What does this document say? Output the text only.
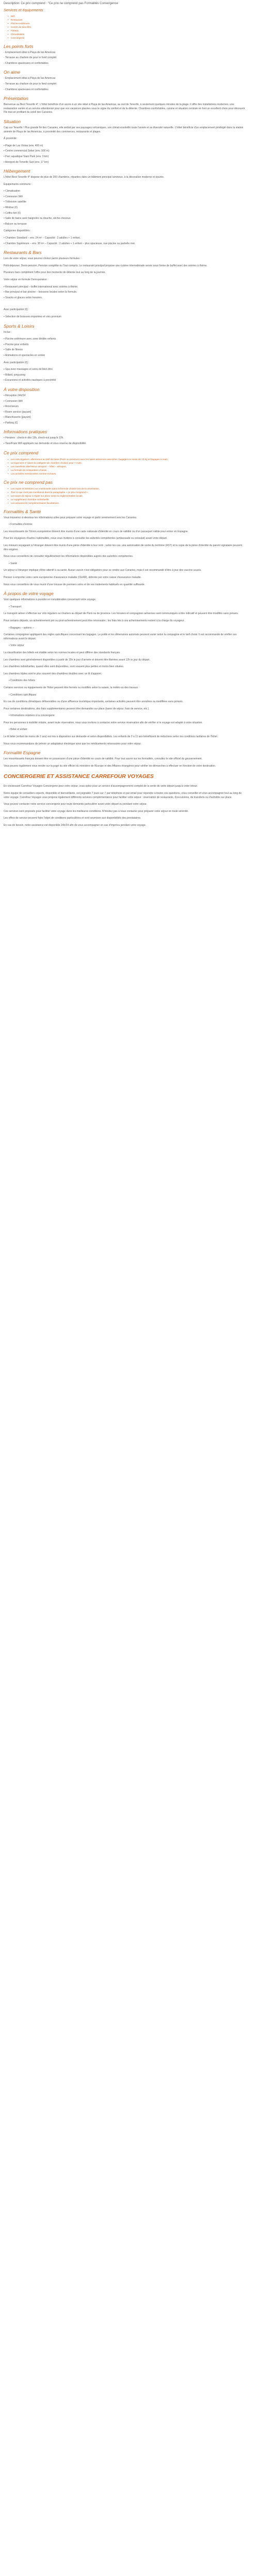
Description: Ce prix comprend : "Ce prix ne comprend pas Formalités Convergence

Services et équipements
• Wifi
• Restaurant
• Piscine extérieure
• Centre de bien-être
• Fitness
• Climatisation
• Conciergerie
Les points forts

- Emplacement idéal à Playa de las Americas

- Terrasse au charbon de pour le fond complet

- Chambres spacieuses et confortables

On aime

- Emplacement idéal à Playa de las Americas

- Terrasse au charbon de pour le fond complet

- Chambres spacieuses et confortables

Présentation

Bienvenue au Best Tenerife 4*. L'hôtel bénéficie d'un accès à un site idéal à Playa de las Americas, au sud de Tenerife, à seulement quelques minutes de la plage. Il offre des installations modernes, une restauration variée et un service attentionné pour que vos vacances placées sous le signe du confort et de la détente. Chambres confortables, cuisine et situation centrale en font un excellent choix pour découvrir l'île tout en profitant du soleil des Canaries.

Situation

Cap sur Tenerife ! Plus grande île des Canaries, elle séduit par ses paysages volcaniques, son climat ensoleillé toute l'année et sa diversité naturelle. L'hôtel bénéficie d'un emplacement privilégié dans la station animée de Playa de las Americas, à proximité des commerces, restaurants et plages.

À proximité :

• Plage de Las Vistas (env. 400 m)

• Centre commercial Safari (env. 500 m)

• Parc aquatique Siam Park (env. 3 km)

• Aéroport de Tenerife Sud (env. 17 km)

Hébergement

L'hôtel Best Tenerife 4* dispose de plus de 200 chambres, réparties dans un bâtiment principal lumineux, à la décoration moderne et épurée.

Équipements communs :

• Climatisation

• Connexion Wifi

• Télévision satellite

• Minibar (€)

• Coffre-fort (€)

• Salle de bains avec baignoire ou douche, sèche-cheveux

• Balcon ou terrasse

Catégories disponibles :

• Chambre Standard – env. 24 m² – Capacité : 2 adultes + 1 enfant.

• Chambre Supérieure – env. 30 m² – Capacité : 2 adultes + 1 enfant – plus spacieuse, vue piscine ou partielle mer.

Restaurants & Bars

Lors de votre séjour, vous pourrez choisir parmi plusieurs formules :

Petit-déjeuner, Demi-pension, Pension complète ou Tout compris. Le restaurant principal propose une cuisine internationale servie sous forme de buffet avec des soirées à thème.

Plusieurs bars complètent l'offre pour des moments de détente tout au long de la journée.

Votre séjour en formule Demi-pension :

• Restaurant principal – buffet international avec soirées à thème.

• Bar principal et bar piscine – boissons locales selon la formule.

• Snacks et glaces selon horaires.

Avec participation (€) :

• Sélection de boissons importées et vins premium

Sports & Loisirs

Inclus :

• Piscine extérieure avec zone dédiée enfants

• Piscine pour enfants

• Salle de fitness

• Animations et spectacles en soirée

Avec participation (€) :

• Spa avec massages et soins de bien-être

• Billard, ping-pong

• Excursions et activités nautiques à proximité

À votre disposition

• Réception 24h/24

• Connexion Wifi

• Ascenseurs

• Room service (payant)

• Blanchisserie (payant)

• Parking (€)

Informations pratiques

• Horaires : check-in dès 15h, check-out jusqu'à 12h.

• Taxe/Frais Wifi appliqués sur demande et sous réserve de disponibilité.

Ce prix comprend
• Les vols réguliers, aller/retour au tarif de base (Paris ou province) avec les taxes aériennes associées, bagages en soute de 23 kg et bagages à main,
• Le logement 4* (dans la catégorie de chambre choisie) pour 7 nuits,
• Les transferts aller/retour aéroport – hôtel – aéroport,
• La formule de restauration choisie,
• Les activités mentionnées comme incluses.
Ce prix ne comprend pas
• Les repas et boissons non mentionnés dans la formule choisie lors de la réservation,
• Tout ce qui n'est pas mentionné dans le paragraphe « ce prix comprend »,
• Les taxes de séjour à régler sur place selon la réglementation locale,
• Le supplément chambre individuelle,
• Les assurances complémentaires facultatives.
Formalités & Santé

Vous trouverez ci-dessous les informations utiles pour préparer votre voyage et partir sereinement vers les Canaries.

• Formalités d'entrée

Les ressortissants de l'Union européenne doivent être munis d'une carte nationale d'identité en cours de validité ou d'un passeport valide pour entrer en Espagne.

Pour les voyageurs d'autres nationalités, nous vous invitons à consulter les autorités compétentes (ambassade ou consulat) avant votre départ.

Les mineurs voyageant à l'étranger doivent être munis d'une pièce d'identité à leur nom ; selon les cas, une autorisation de sortie du territoire (AST) et la copie de la pièce d'identité du parent signataire peuvent être exigées.

Nous vous conseillons de consulter régulièrement les informations disponibles auprès des autorités compétentes.

• Santé

Un séjour à l'étranger implique d'être attentif à sa santé. Aucun vaccin n'est obligatoire pour se rendre aux Canaries, mais il est recommandé d'être à jour des vaccins usuels.

Pensez à emporter votre carte européenne d'assurance maladie (CEAM), délivrée par votre caisse d'assurance maladie.

Nous vous conseillons de vous munir d'une trousse de premiers soins et de vos traitements habituels en quantité suffisante.

À propos de votre voyage

Voici quelques informations à prendre en considération concernant votre voyage.

• Transport

Le transport aérien s'effectue sur vols réguliers ou charters au départ de Paris ou de province. Les horaires et compagnies aériennes sont communiqués à titre indicatif et peuvent être modifiés sans préavis.

Pour certains départs, un acheminement pré ou post-acheminement peut être nécessaire ; les frais liés à ces acheminements restent à la charge du voyageur.

• Bagages – options –

Certaines compagnies appliquent des règles spécifiques concernant les bagages. Le poids et les dimensions autorisés peuvent varier selon la compagnie et le tarif choisi. Il est recommandé de vérifier ces informations avant le départ.

• Votre séjour

La classification des hôtels est établie selon les normes locales et peut différer des standards français.

Les chambres sont généralement disponibles à partir de 15h le jour d'arrivée et doivent être libérées avant 12h le jour du départ.

Les chambres individuelles, quand elles sont disponibles, sont souvent plus petites et moins bien situées.

Les chambres triples sont le plus souvent des chambres doubles avec un lit d'appoint.

• Conditions des hôtels

Certains services ou équipements de l'hôtel peuvent être fermés ou modifiés selon la saison, la météo ou des travaux.

• Conditions spécifiques

En cas de conditions climatiques défavorables ou d'une affluence touristique importante, certaines activités peuvent être annulées ou modifiées sans préavis.

Pour certaines destinations, des frais supplémentaires peuvent être demandés sur place (taxes de séjour, frais de service, etc.).

• Informations relatives à la conciergerie

Pour les personnes à mobilité réduite, avant toute réservation, nous vous invitons à contacter notre service réservation afin de vérifier si le voyage est adapté à votre situation.

• Bébé et enfant

Le lit bébé (enfant de moins de 2 ans) est mis à disposition sur demande et selon disponibilités. Les enfants de 2 à 11 ans bénéficient de réductions selon les conditions tarifaires de l'hôtel.

Nous vous recommandons de prévoir un adaptateur électrique ainsi que les médicaments nécessaires pour votre séjour.

Formalité Espagne

Les ressortissants français doivent être en possession d'une pièce d'identité en cours de validité. Pour tout savoir sur les formalités, consultez le site officiel du gouvernement.

Vous pouvez également vous rendre sur la page du site officiel du ministère de l'Europe et des Affaires étrangères pour vérifier les démarches à effectuer en fonction de votre destination.

CONCIERGERIE ET ASSISTANCE CARREFOUR VOYAGES

En choisissant Carrefour Voyages Conciergerie pour votre séjour, vous optez pour un service d'accompagnement complet de la vente de votre départ jusqu'à votre retour.

Notre équipe de conseillers experts, disponible et bienveillante, est joignable 7 jours sur 7 par téléphone et par email pour répondre à toutes vos questions, vous conseiller et vous accompagner tout au long de votre voyage. Carrefour Voyages vous propose également différents services complémentaires pour faciliter votre séjour : réservation de restaurants, d'excursions, de transferts ou d'activités sur place.

Vous pouvez contacter notre service conciergerie pour toute demande particulière avant votre départ ou pendant votre séjour.

Ces services sont proposés pour faciliter votre voyage dans les meilleures conditions. N'hésitez pas à nous contacter pour préparer votre séjour en toute sérénité.

Les offres de service peuvent faire l'objet de conditions particulières et sont soumises aux disponibilités des prestataires.

En cas de besoin, notre assistance est disponible 24h/24 afin de vous accompagner en cas d'imprévu pendant votre voyage.
